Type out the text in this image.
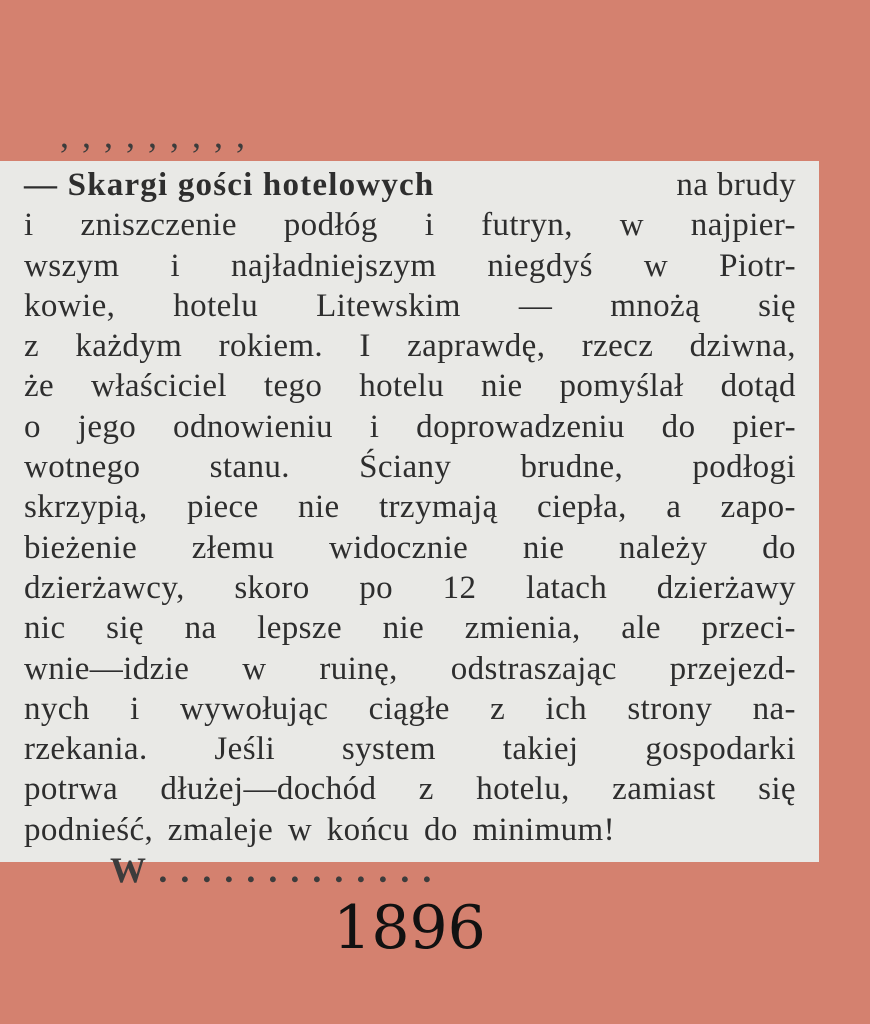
, , , , , , , , ,
— Skargi gości hotelowych	na brudy
i zniszczenie podłóg i futryn, w najpier-
wszym i najładniejszym niegdyś w Piotr-
kowie, hotelu Litewskim — mnożą się
z każdym rokiem. I zaprawdę, rzecz dziwna,
że właściciel tego hotelu nie pomyślał dotąd
o jego odnowieniu i doprowadzeniu do pier-
wotnego stanu. Ściany brudne, podłogi
skrzypią, piece nie trzymają ciepła, a zapo-
bieżenie złemu widocznie nie należy do
dzierżawcy, skoro po 12 latach dzierżawy
nic się na lepsze nie zmienia, ale przeci-
wnie—idzie w ruinę, odstraszając przejezd-
nych i wywołując ciągłe z ich strony na-
rzekania. Jeśli system takiej gospodarki
potrwa dłużej—dochód z hotelu, zamiast się
podnieść, zmaleje w końcu do minimum!
W . . . . . . . . . . . . .
1896
